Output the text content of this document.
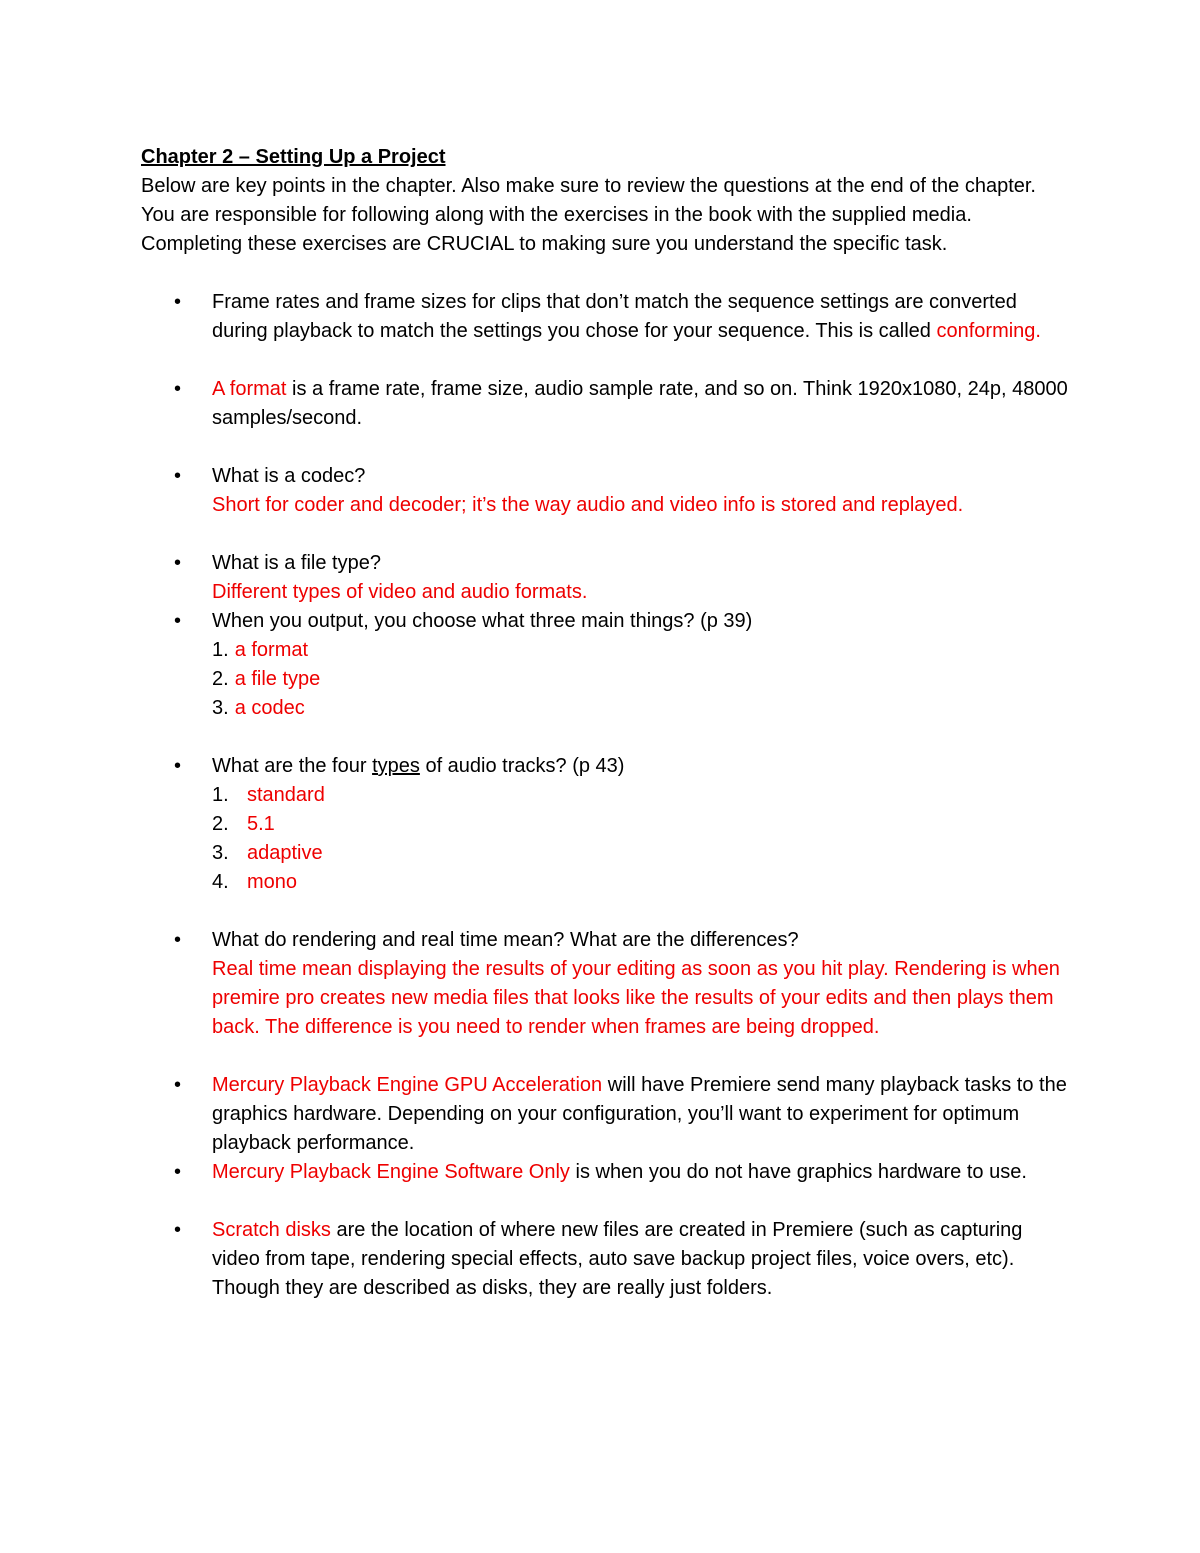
Chapter 2 – Setting Up a Project

Below are key points in the chapter. Also make sure to review the questions at the end of the chapter. You are responsible for following along with the exercises in the book with the supplied media. Completing these exercises are CRUCIAL to making sure you understand the specific task.

• Frame rates and frame sizes for clips that don’t match the sequence settings are converted during playback to match the settings you chose for your sequence. This is called conforming.

• A format is a frame rate, frame size, audio sample rate, and so on. Think 1920x1080, 24p, 48000 samples/second.

• What is a codec?

Short for coder and decoder; it’s the way audio and video info is stored and replayed.

• What is a file type?

Different types of video and audio formats.

• When you output, you choose what three main things? (p 39)

1. a format

2. a file type

3. a codec

• What are the four types of audio tracks? (p 43)

1. standard
2. 5.1
3. adaptive
4. mono
• What do rendering and real time mean? What are the differences?

Real time mean displaying the results of your editing as soon as you hit play. Rendering is when premire pro creates new media files that looks like the results of your edits and then plays them back. The difference is you need to render when frames are being dropped.

• Mercury Playback Engine GPU Acceleration will have Premiere send many playback tasks to the graphics hardware. Depending on your configuration, you’ll want to experiment for optimum playback performance.

• Mercury Playback Engine Software Only is when you do not have graphics hardware to use.

• Scratch disks are the location of where new files are created in Premiere (such as capturing video from tape, rendering special effects, auto save backup project files, voice overs, etc). Though they are described as disks, they are really just folders.
